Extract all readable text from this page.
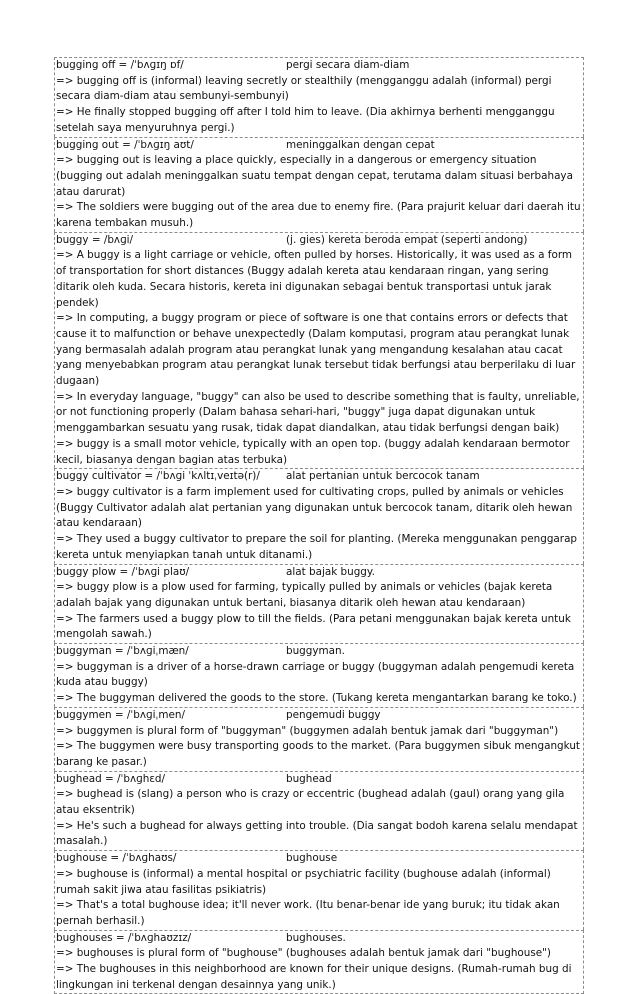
bugging off = /ˈbʌɡɪŋ ɒf/	pergi secara diam-diam
=> bugging off is (informal) leaving secretly or stealthily (mengganggu adalah (informal) pergi secara diam-diam atau sembunyi-sembunyi)
=> He finally stopped bugging off after I told him to leave. (Dia akhirnya berhenti mengganggu setelah saya menyuruhnya pergi.)
bugging out = /ˈbʌɡɪŋ aʊt/	meninggalkan dengan cepat
=> bugging out is leaving a place quickly, especially in a dangerous or emergency situation (bugging out adalah meninggalkan suatu tempat dengan cepat, terutama dalam situasi berbahaya atau darurat)
=> The soldiers were bugging out of the area due to enemy fire. (Para prajurit keluar dari daerah itu karena tembakan musuh.)
buggy = /bʌɡi/	(j. gies) kereta beroda empat (seperti andong)
=> A buggy is a light carriage or vehicle, often pulled by horses. Historically, it was used as a form of transportation for short distances (Buggy adalah kereta atau kendaraan ringan, yang sering ditarik oleh kuda. Secara historis, kereta ini digunakan sebagai bentuk transportasi untuk jarak pendek)
=> In computing, a buggy program or piece of software is one that contains errors or defects that cause it to malfunction or behave unexpectedly (Dalam komputasi, program atau perangkat lunak yang bermasalah adalah program atau perangkat lunak yang mengandung kesalahan atau cacat yang menyebabkan program atau perangkat lunak tersebut tidak berfungsi atau berperilaku di luar dugaan)
=> In everyday language, "buggy" can also be used to describe something that is faulty, unreliable, or not functioning properly (Dalam bahasa sehari-hari, "buggy" juga dapat digunakan untuk menggambarkan sesuatu yang rusak, tidak dapat diandalkan, atau tidak berfungsi dengan baik)
=> buggy is a small motor vehicle, typically with an open top. (buggy adalah kendaraan bermotor kecil, biasanya dengan bagian atas terbuka)
buggy cultivator = /ˈbʌɡi ˈkʌltɪˌveɪtə(r)/	alat pertanian untuk bercocok tanam
=> buggy cultivator is a farm implement used for cultivating crops, pulled by animals or vehicles (Buggy Cultivator adalah alat pertanian yang digunakan untuk bercocok tanam, ditarik oleh hewan atau kendaraan)
=> They used a buggy cultivator to prepare the soil for planting. (Mereka menggunakan penggarap kereta untuk menyiapkan tanah untuk ditanami.)
buggy plow = /ˈbʌɡi plaʊ/	alat bajak buggy.
=> buggy plow is a plow used for farming, typically pulled by animals or vehicles (bajak kereta adalah bajak yang digunakan untuk bertani, biasanya ditarik oleh hewan atau kendaraan)
=> The farmers used a buggy plow to till the fields. (Para petani menggunakan bajak kereta untuk mengolah sawah.)
buggyman = /ˈbʌɡiˌmæn/	buggyman.
=> buggyman is a driver of a horse-drawn carriage or buggy (buggyman adalah pengemudi kereta kuda atau buggy)
=> The buggyman delivered the goods to the store. (Tukang kereta mengantarkan barang ke toko.)
buggymen = /ˈbʌɡiˌmen/	pengemudi buggy
=> buggymen is plural form of "buggyman" (buggymen adalah bentuk jamak dari "buggyman")
=> The buggymen were busy transporting goods to the market. (Para buggymen sibuk mengangkut barang ke pasar.)
bughead = /ˈbʌɡhɛd/	bughead
=> bughead is (slang) a person who is crazy or eccentric (bughead adalah (gaul) orang yang gila atau eksentrik)
=> He's such a bughead for always getting into trouble. (Dia sangat bodoh karena selalu mendapat masalah.)
bughouse = /ˈbʌɡhaʊs/	bughouse
=> bughouse is (informal) a mental hospital or psychiatric facility (bughouse adalah (informal) rumah sakit jiwa atau fasilitas psikiatris)
=> That's a total bughouse idea; it'll never work. (Itu benar-benar ide yang buruk; itu tidak akan pernah berhasil.)
bughouses = /ˈbʌɡhaʊzɪz/	bughouses.
=> bughouses is plural form of "bughouse" (bughouses adalah bentuk jamak dari "bughouse")
=> The bughouses in this neighborhood are known for their unique designs. (Rumah-rumah bug di lingkungan ini terkenal dengan desainnya yang unik.)
